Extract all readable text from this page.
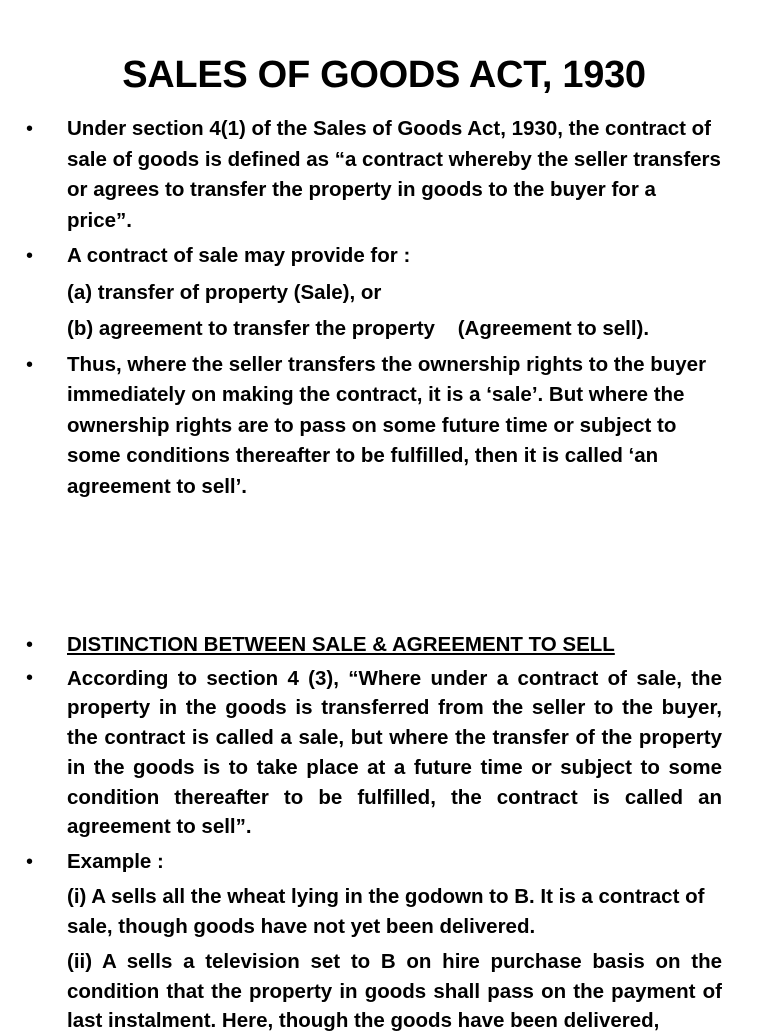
SALES OF GOODS ACT, 1930
• Under section 4(1) of the Sales of Goods Act, 1930, the contract of sale of goods is defined as “a contract whereby the seller transfers or agrees to transfer the property in goods to the buyer for a price”.
• A contract of sale may provide for :
(a) transfer of property (Sale), or
(b) agreement to transfer the property    (Agreement to sell).
• Thus, where the seller transfers the ownership rights to the buyer immediately on making the contract, it is a ‘sale’. But where the ownership rights are to pass on some future time or subject to some conditions thereafter to be fulfilled, then it is called ‘an agreement to sell’.
• DISTINCTION BETWEEN SALE & AGREEMENT TO SELL
• According to section 4 (3), “Where under a contract of sale, the property in the goods is transferred from the seller to the buyer, the contract is called a sale, but where the transfer of the property in the goods is to take place at a future time or subject to some condition thereafter to be fulfilled, the contract is called an agreement to sell”.
• Example :
(i) A sells all the wheat lying in the godown to B. It is a contract of sale, though goods have not yet been delivered.
(ii) A sells a television set to B on hire purchase basis on the condition that the property in goods shall pass on the payment of last instalment. Here, though the goods have been delivered,
